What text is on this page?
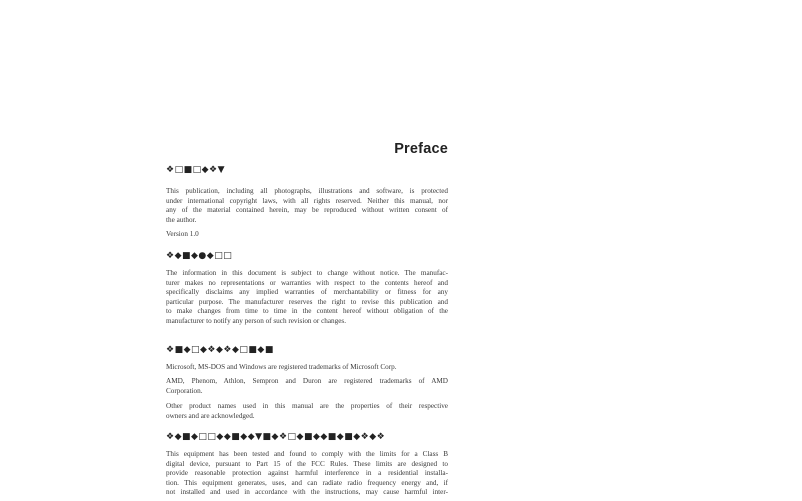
Preface
❖□■□◆❖▼
This publication, including all photographs, illustrations and software, is protected
under international copyright laws, with all rights reserved. Neither this manual, nor
any of the material contained herein, may be reproduced without written consent of
the author.
Version 1.0
❖◆■◆●◆□□
The information in this document is subject to change without notice. The manufac-
turer makes no representations or warranties with respect to the contents hereof and
specifically disclaims any implied warranties of merchantability or fitness for any
particular purpose. The manufacturer reserves the right to revise this publication and
to make changes from time to time in the content hereof without obligation of the
manufacturer to notify any person of such revision or changes.
❖■◆□◆❖◆❖◆□■◆■
Microsoft, MS-DOS and Windows are registered trademarks of Microsoft Corp.
AMD, Phenom, Athlon, Sempron and Duron are registered trademarks of AMD
Corporation.
Other product names used in this manual are the properties of their respective
owners and are acknowledged.
❖◆■◆□□◆◆■◆◆▼■◆❖□◆■◆◆■◆■◆❖◆❖
This equipment has been tested and found to comply with the limits for a Class B
digital device, pursuant to Part 15 of the FCC Rules. These limits are designed to
provide reasonable protection against harmful interference in a residential installa-
tion. This equipment generates, uses, and can radiate radio frequency energy and, if
not installed and used in accordance with the instructions, may cause harmful inter-
